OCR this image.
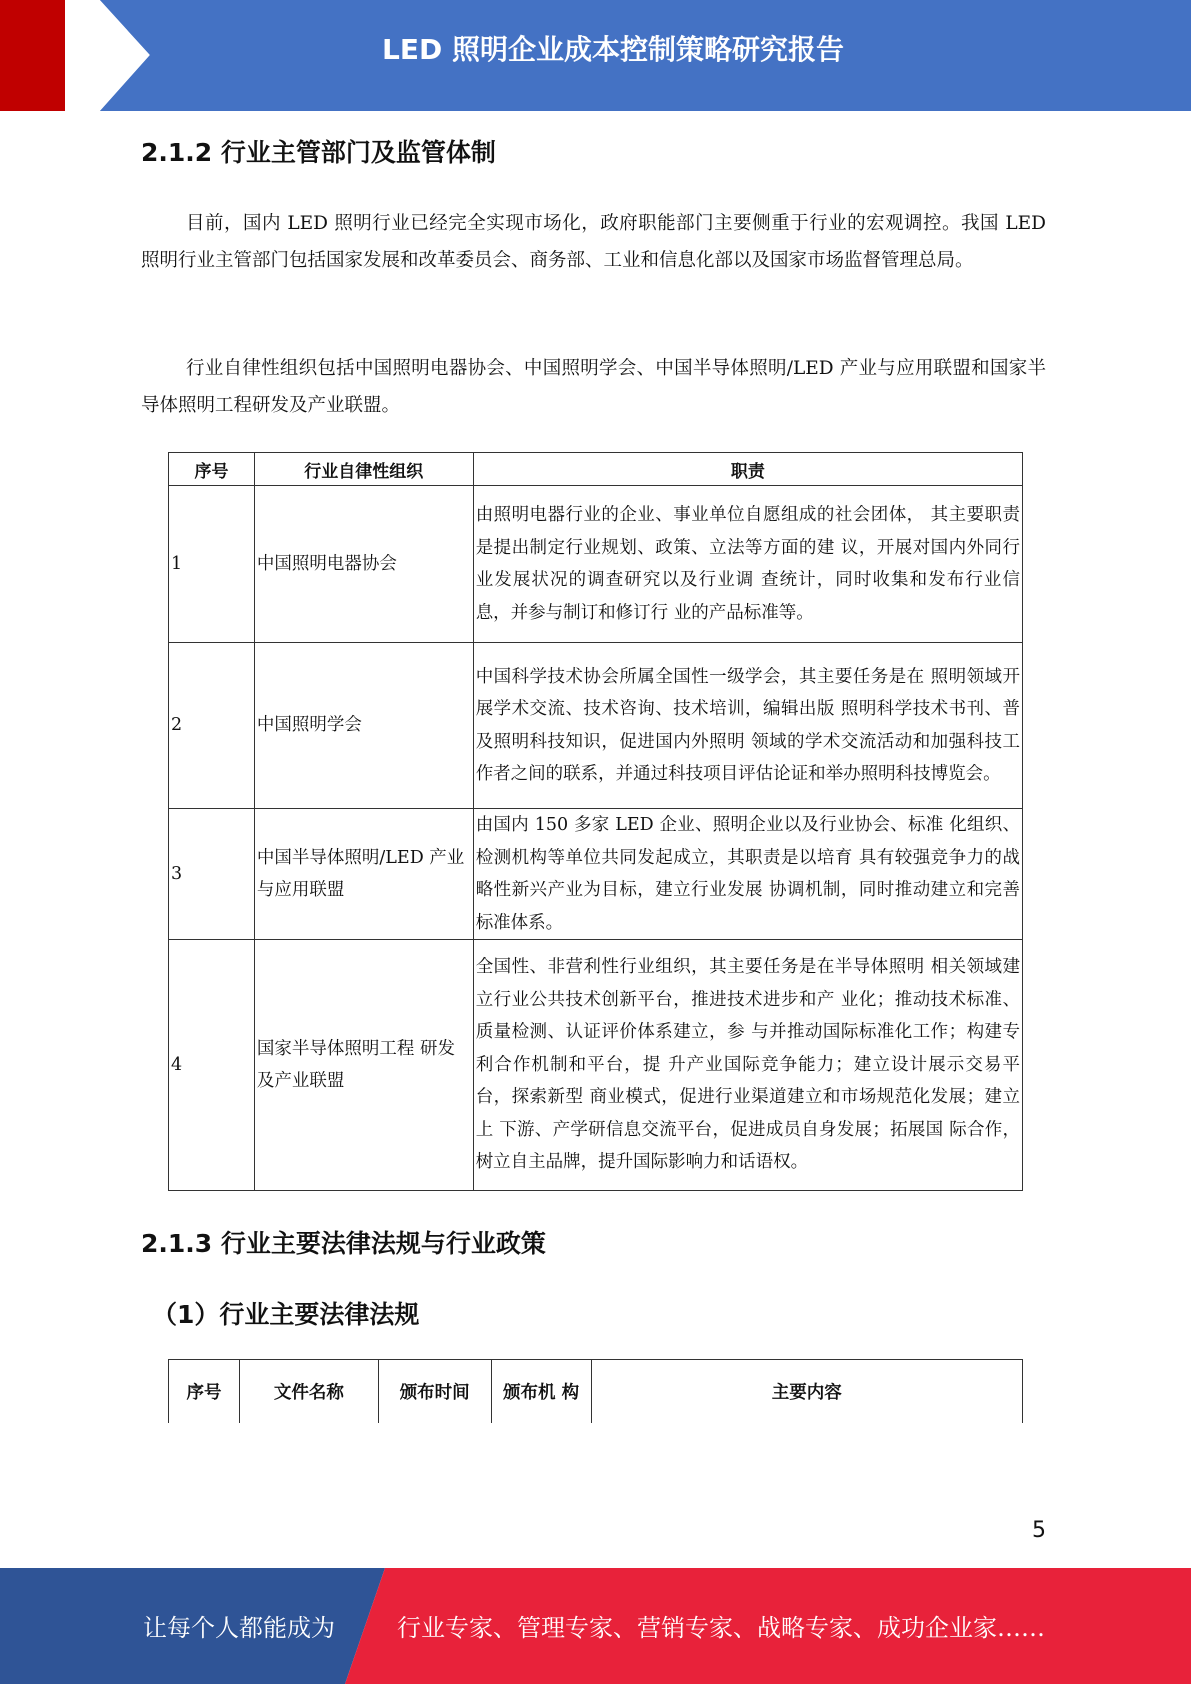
LED 照明企业成本控制策略研究报告
2.1.2 行业主管部门及监管体制

目前，国内 LED 照明行业已经完全实现市场化，政府职能部门主要侧重于行业的宏观调控。我国 LED 照明行业主管部门包括国家发展和改革委员会、商务部、工业和信息化部以及国家市场监督管理总局。

行业自律性组织包括中国照明电器协会、中国照明学会、中国半导体照明/LED 产业与应用联盟和国家半导体照明工程研发及产业联盟。

序号	行业自律性组织	职责
1	中国照明电器协会	由照明电器行业的企业、事业单位自愿组成的社会团体， 其主要职责是提出制定行业规划、政策、立法等方面的建 议，开展对国内外同行业发展状况的调查研究以及行业调 查统计，同时收集和发布行业信息，并参与制订和修订行 业的产品标准等。
2	中国照明学会	中国科学技术协会所属全国性一级学会，其主要任务是在 照明领域开展学术交流、技术咨询、技术培训，编辑出版 照明科学技术书刊、普及照明科技知识，促进国内外照明 领域的学术交流活动和加强科技工作者之间的联系，并通过科技项目评估论证和举办照明科技博览会。
3	中国半导体照明/LED 产业与应用联盟	由国内 150 多家 LED 企业、照明企业以及行业协会、标准 化组织、检测机构等单位共同发起成立，其职责是以培育 具有较强竞争力的战略性新兴产业为目标，建立行业发展 协调机制，同时推动建立和完善标准体系。
4	国家半导体照明工程 研发及产业联盟	全国性、非营利性行业组织，其主要任务是在半导体照明 相关领域建立行业公共技术创新平台，推进技术进步和产 业化；推动技术标准、质量检测、认证评价体系建立，参 与并推动国际标准化工作；构建专利合作机制和平台，提 升产业国际竞争能力；建立设计展示交易平台，探索新型 商业模式，促进行业渠道建立和市场规范化发展；建立上 下游、产学研信息交流平台，促进成员自身发展；拓展国 际合作，树立自主品牌，提升国际影响力和话语权。
2.1.3 行业主要法律法规与行业政策
（1）行业主要法律法规
序号	文件名称	颁布时间	颁布机 构	主要内容
5
让每个人都能成为	行业专家、管理专家、营销专家、战略专家、成功企业家……
